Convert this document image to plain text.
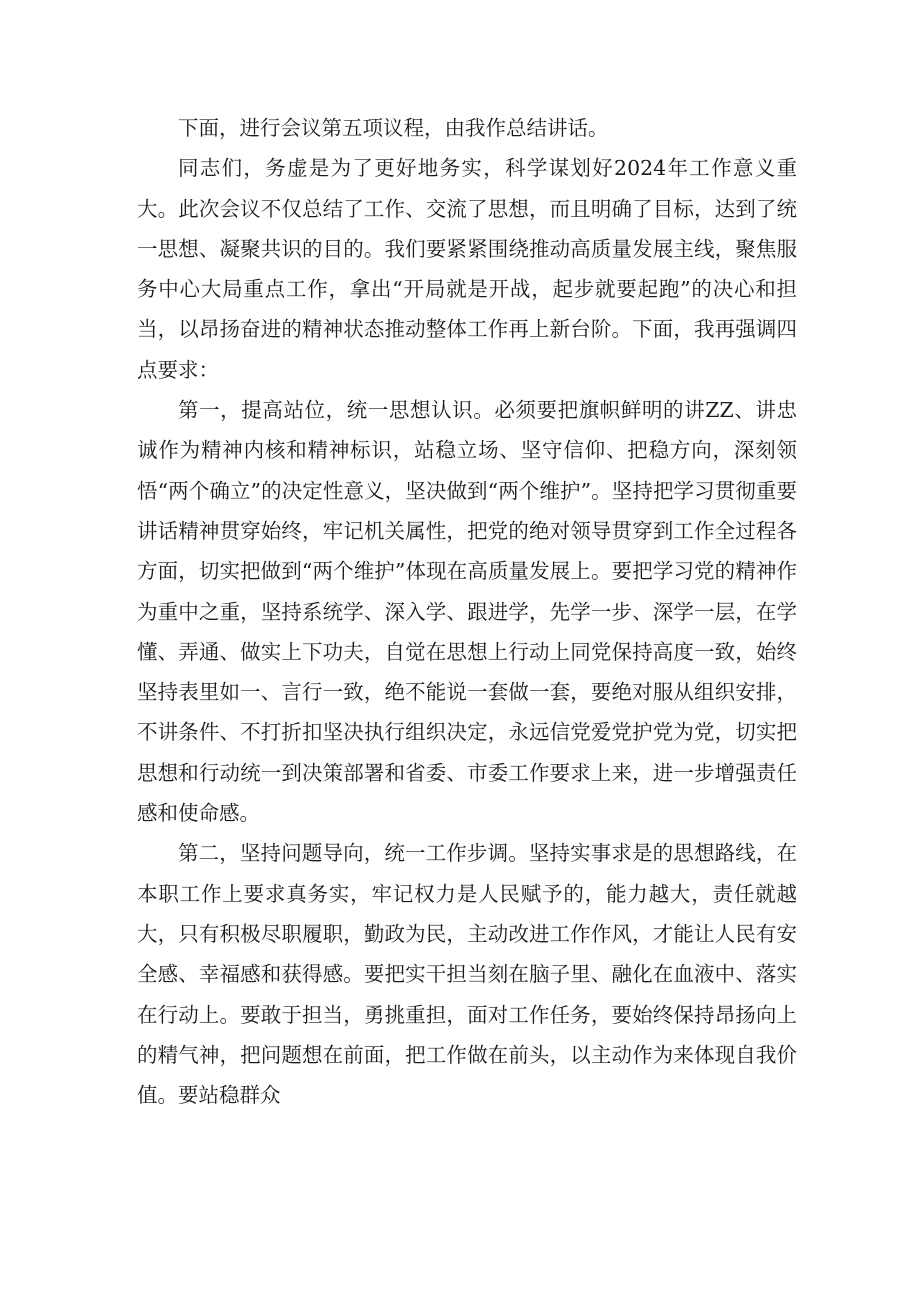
下面，进行会议第五项议程，由我作总结讲话。

同志们，务虚是为了更好地务实，科学谋划好2024年工作意义重大。此次会议不仅总结了工作、交流了思想，而且明确了目标，达到了统一思想、凝聚共识的目的。我们要紧紧围绕推动高质量发展主线，聚焦服务中心大局重点工作，拿出“开局就是开战，起步就要起跑”的决心和担当，以昂扬奋进的精神状态推动整体工作再上新台阶。下面，我再强调四点要求：

第一，提高站位，统一思想认识。必须要把旗帜鲜明的讲ZZ、讲忠诚作为精神内核和精神标识，站稳立场、坚守信仰、把稳方向，深刻领悟“两个确立”的决定性意义，坚决做到“两个维护”。坚持把学习贯彻重要讲话精神贯穿始终，牢记机关属性，把党的绝对领导贯穿到工作全过程各方面，切实把做到“两个维护”体现在高质量发展上。要把学习党的精神作为重中之重，坚持系统学、深入学、跟进学，先学一步、深学一层，在学懂、弄通、做实上下功夫，自觉在思想上行动上同党保持高度一致，始终坚持表里如一、言行一致，绝不能说一套做一套，要绝对服从组织安排，不讲条件、不打折扣坚决执行组织决定，永远信党爱党护党为党，切实把思想和行动统一到决策部署和省委、市委工作要求上来，进一步增强责任感和使命感。

第二，坚持问题导向，统一工作步调。坚持实事求是的思想路线，在本职工作上要求真务实，牢记权力是人民赋予的，能力越大，责任就越大，只有积极尽职履职，勤政为民，主动改进工作作风，才能让人民有安全感、幸福感和获得感。要把实干担当刻在脑子里、融化在血液中、落实在行动上。要敢于担当，勇挑重担，面对工作任务，要始终保持昂扬向上的精气神，把问题想在前面，把工作做在前头，以主动作为来体现自我价值。要站稳群众
